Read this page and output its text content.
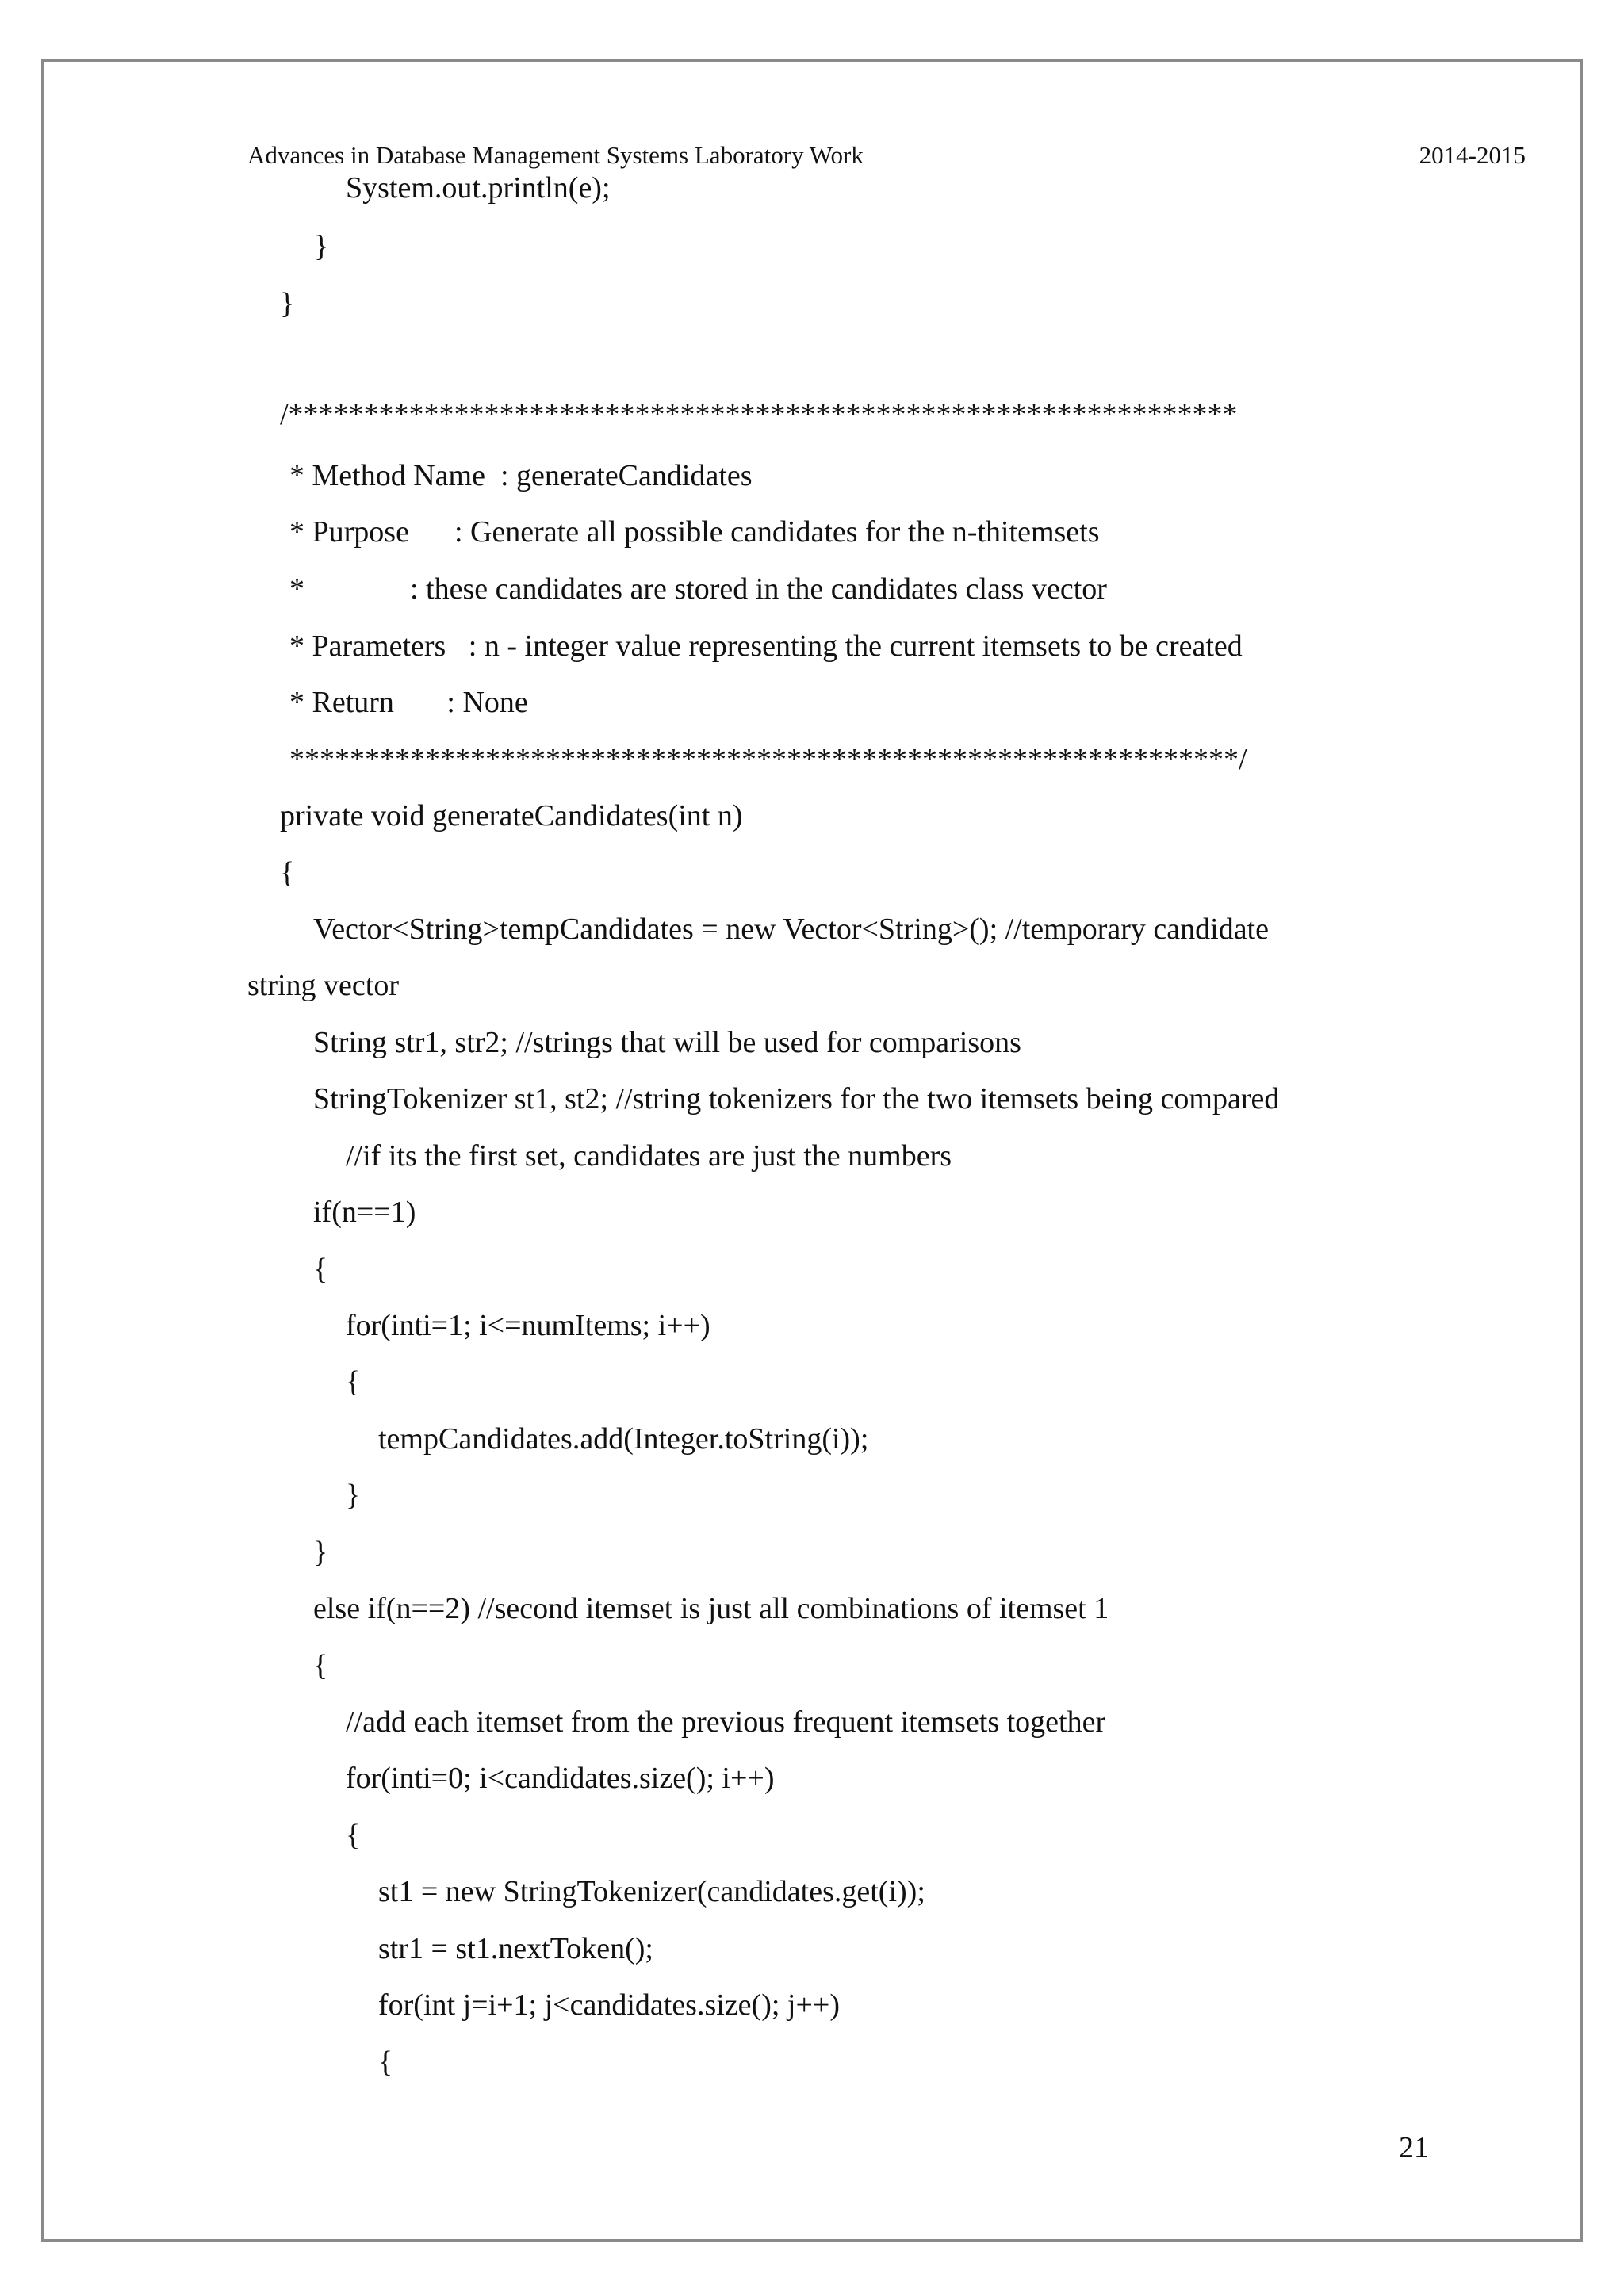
Advances in Database Management Systems Laboratory Work	2014-2015
System.out.println(e);
}
}
/***************************************************************
* Method Name  : generateCandidates
* Purpose      : Generate all possible candidates for the n-thitemsets
*              : these candidates are stored in the candidates class vector
* Parameters   : n - integer value representing the current itemsets to be created
* Return       : None
***************************************************************/
private void generateCandidates(int n)
{
Vector<String>tempCandidates = new Vector<String>(); //temporary candidate
string vector
String str1, str2; //strings that will be used for comparisons
StringTokenizer st1, st2; //string tokenizers for the two itemsets being compared
//if its the first set, candidates are just the numbers
if(n==1)
{
for(inti=1; i<=numItems; i++)
{
tempCandidates.add(Integer.toString(i));
}
}
else if(n==2) //second itemset is just all combinations of itemset 1
{
//add each itemset from the previous frequent itemsets together
for(inti=0; i<candidates.size(); i++)
{
st1 = new StringTokenizer(candidates.get(i));
str1 = st1.nextToken();
for(int j=i+1; j<candidates.size(); j++)
{
21
